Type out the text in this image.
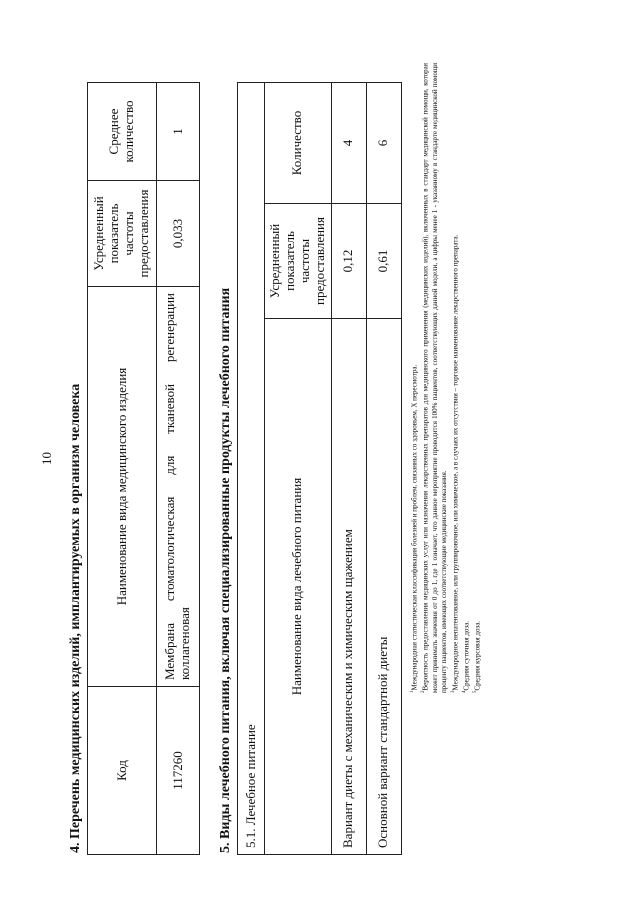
10 4. Перечень медицинских изделий, имплантируемых в организм человека Код	Наименование вида медицинского изделия	Усредненный показатель частоты предоставления	Среднее количество
117260	Мембрана стоматологическая для тканевой регенерации коллагеновая	0,033	1
5. Виды лечебного питания, включая специализированные продукты лечебного питания 5.1. Лечебное питание		
Наименование вида лечебного питания	Усредненный показатель частоты предоставления	Количество
Вариант диеты с механическим и химическим щажением	0,12	4
Основной вариант стандартной диеты	0,61	6

$^1$Международная статистическая классификация болезней и проблем, связанных со здоровьем, X пересмотра.

$^2$Вероятность предоставления медицинских услуг или назначения лекарственных препаратов для медицинского применения (медицинских изделий), включенных в стандарт медицинской помощи, которая может принимать значения от 0 до 1, где 1 означает, что данное мероприятие проводится 100% пациентов, соответствующих данной модели, а цифры менее 1 - указанному в стандарте медицинской помощи проценту пациентов, имеющих соответствующие медицинские показания. $^3$Международное непатентованное, или группировочное, или химическое, а в случаях их отсутствия – торговое наименование лекарственного препарата.

$^4$Средняя суточная доза.

$^5$Средняя курсовая доза.
